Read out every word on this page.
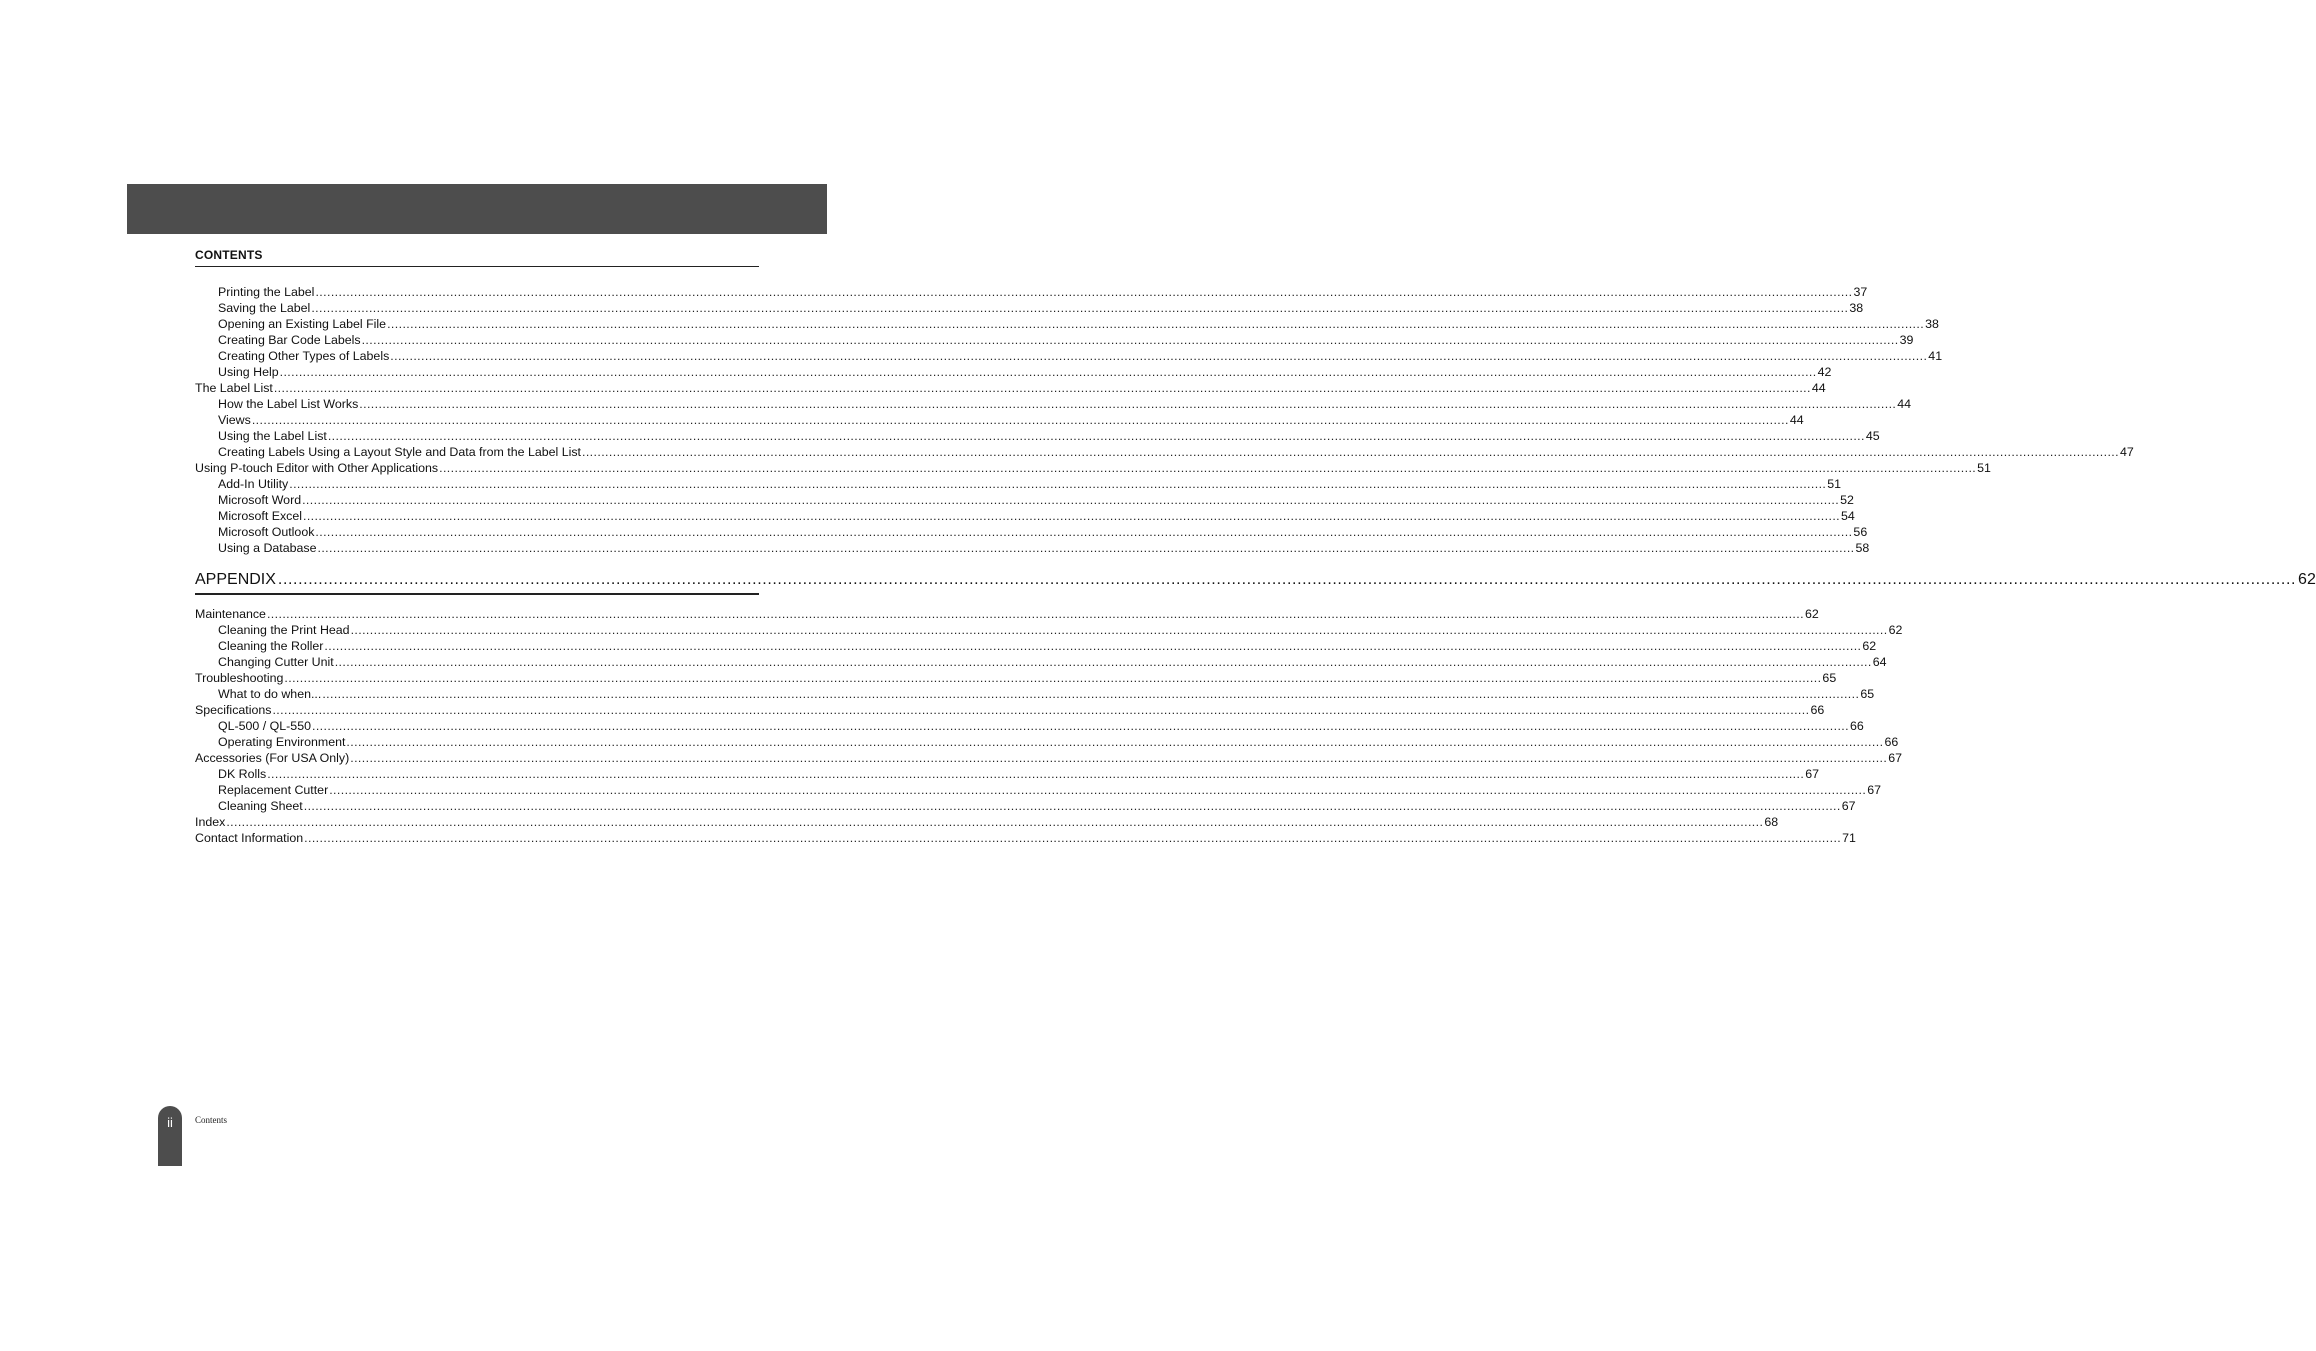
CONTENTS
Printing the Label ................................................................................................................................................................................................................................................................................................................................................................................................................ 37
Saving the Label ................................................................................................................................................................................................................................................................................................................................................................................................................ 38
Opening an Existing Label File ................................................................................................................................................................................................................................................................................................................................................................................................................ 38
Creating Bar Code Labels ................................................................................................................................................................................................................................................................................................................................................................................................................ 39
Creating Other Types of Labels ................................................................................................................................................................................................................................................................................................................................................................................................................ 41
Using Help ................................................................................................................................................................................................................................................................................................................................................................................................................ 42
The Label List ................................................................................................................................................................................................................................................................................................................................................................................................................ 44
How the Label List Works ................................................................................................................................................................................................................................................................................................................................................................................................................ 44
Views ................................................................................................................................................................................................................................................................................................................................................................................................................ 44
Using the Label List ................................................................................................................................................................................................................................................................................................................................................................................................................ 45
Creating Labels Using a Layout Style and Data from the Label List ................................................................................................................................................................................................................................................................................................................................................................................................................ 47
Using P-touch Editor with Other Applications ................................................................................................................................................................................................................................................................................................................................................................................................................ 51
Add-In Utility ................................................................................................................................................................................................................................................................................................................................................................................................................ 51
Microsoft Word ................................................................................................................................................................................................................................................................................................................................................................................................................ 52
Microsoft Excel ................................................................................................................................................................................................................................................................................................................................................................................................................ 54
Microsoft Outlook ................................................................................................................................................................................................................................................................................................................................................................................................................ 56
Using a Database ................................................................................................................................................................................................................................................................................................................................................................................................................ 58
APPENDIX ................................................................................................................................................................................................................................................................................................................................................................................................................ 62
Maintenance ................................................................................................................................................................................................................................................................................................................................................................................................................ 62
Cleaning the Print Head ................................................................................................................................................................................................................................................................................................................................................................................................................ 62
Cleaning the Roller ................................................................................................................................................................................................................................................................................................................................................................................................................ 62
Changing Cutter Unit ................................................................................................................................................................................................................................................................................................................................................................................................................ 64
Troubleshooting ................................................................................................................................................................................................................................................................................................................................................................................................................ 65
What to do when... ................................................................................................................................................................................................................................................................................................................................................................................................................ 65
Specifications ................................................................................................................................................................................................................................................................................................................................................................................................................ 66
QL-500 / QL-550 ................................................................................................................................................................................................................................................................................................................................................................................................................ 66
Operating Environment ................................................................................................................................................................................................................................................................................................................................................................................................................ 66
Accessories (For USA Only) ................................................................................................................................................................................................................................................................................................................................................................................................................ 67
DK Rolls ................................................................................................................................................................................................................................................................................................................................................................................................................ 67
Replacement Cutter ................................................................................................................................................................................................................................................................................................................................................................................................................ 67
Cleaning Sheet ................................................................................................................................................................................................................................................................................................................................................................................................................ 67
Index ................................................................................................................................................................................................................................................................................................................................................................................................................ 68
Contact Information ................................................................................................................................................................................................................................................................................................................................................................................................................ 71
ii	Contents
